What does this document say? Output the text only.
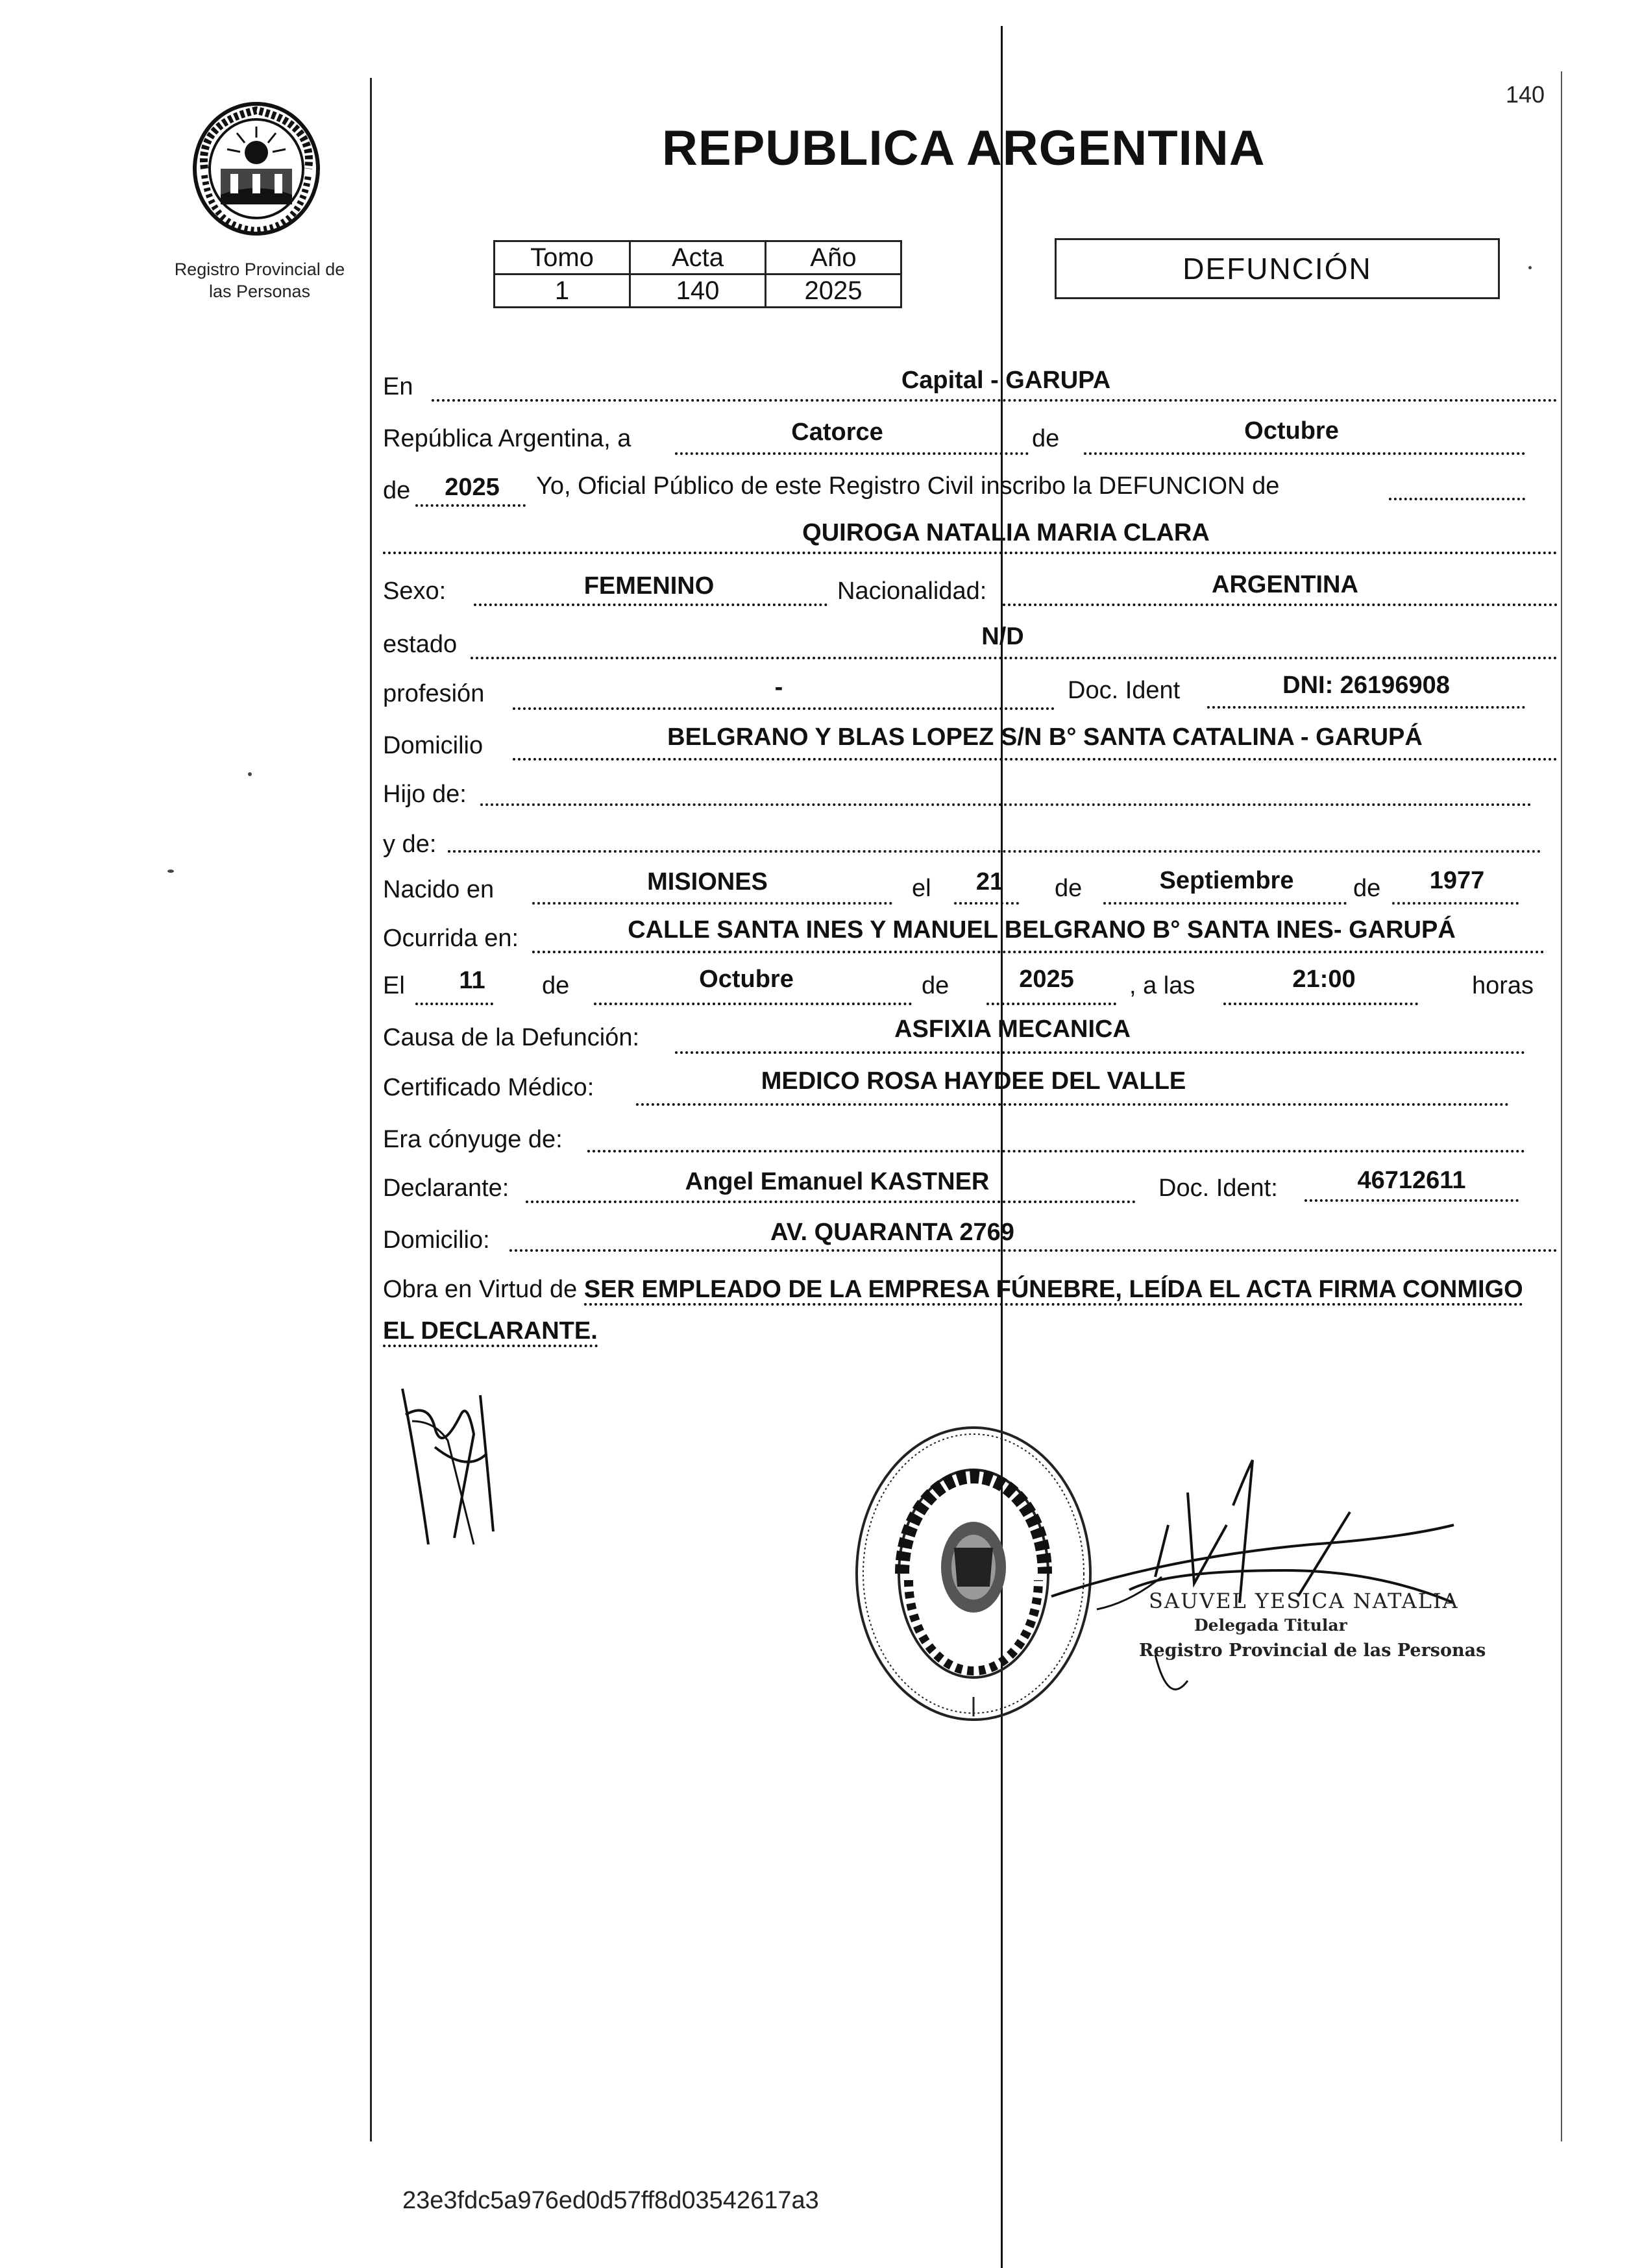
Registro Provincial de
las Personas
140
REPUBLICA ARGENTINA
Tomo	Acta	Año
1	140	2025
DEFUNCIÓN
En	Capital - GARUPA
República Argentina, a	Catorce	de	Octubre
de	2025	Yo, Oficial Público de este Registro Civil inscribo la DEFUNCION de
QUIROGA NATALIA MARIA CLARA
Sexo:	FEMENINO	Nacionalidad:	ARGENTINA
estado	N/D
profesión	-	Doc. Ident	DNI: 26196908
Domicilio	BELGRANO Y BLAS LOPEZ S/N B° SANTA CATALINA - GARUPÁ
Hijo de:
y de:
Nacido en	MISIONES	el	21	de	Septiembre	de	1977
Ocurrida en:	CALLE SANTA INES Y MANUEL BELGRANO B° SANTA INES- GARUPÁ
El	11	de	Octubre	de	2025	, a las	21:00	horas
Causa de la Defunción:	ASFIXIA MECANICA
Certificado Médico:	MEDICO ROSA HAYDEE DEL VALLE
Era cónyuge de:
Declarante:	Angel Emanuel KASTNER	Doc. Ident:	46712611
Domicilio:	AV. QUARANTA 2769
Obra en Virtud de SER EMPLEADO DE LA EMPRESA FÚNEBRE, LEÍDA EL ACTA FIRMA CONMIGO EL DECLARANTE.
SAUVEL YESICA NATALIA
Delegada Titular
Registro Provincial de las Personas
23e3fdc5a976ed0d57ff8d03542617a3
